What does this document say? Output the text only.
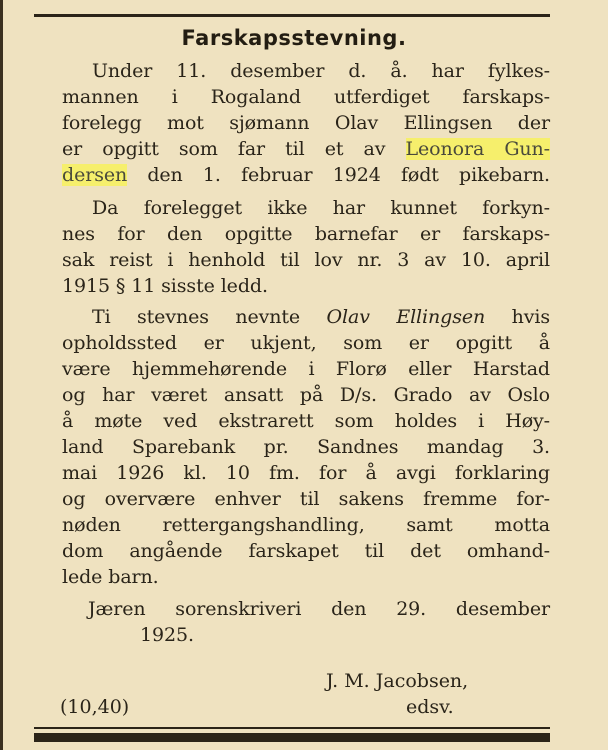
Farskapsstevning.
Under 11. desember d. å. har fylkes-
mannen i Rogaland utferdiget farskaps-
forelegg mot sjømann Olav Ellingsen der
er opgitt som far til et av Leonora Gun-
dersen den 1. februar 1924 født pikebarn.
Da forelegget ikke har kunnet forkyn-
nes for den opgitte barnefar er farskaps-
sak reist i henhold til lov nr. 3 av 10. april
1915 § 11 sisste ledd.
Ti stevnes nevnte Olav Ellingsen hvis
opholdssted er ukjent, som er opgitt å
være hjemmehørende i Florø eller Harstad
og har været ansatt på D/s. Grado av Oslo
å møte ved ekstrarett som holdes i Høy-
land Sparebank pr. Sandnes mandag 3.
mai 1926 kl. 10 fm. for å avgi forklaring
og overvære enhver til sakens fremme for-
nøden rettergangshandling, samt motta
dom angående farskapet til det omhand-
lede barn.
Jæren sorenskriveri den 29. desember
1925.
J. M. Jacobsen,
(10,40)	edsv.
